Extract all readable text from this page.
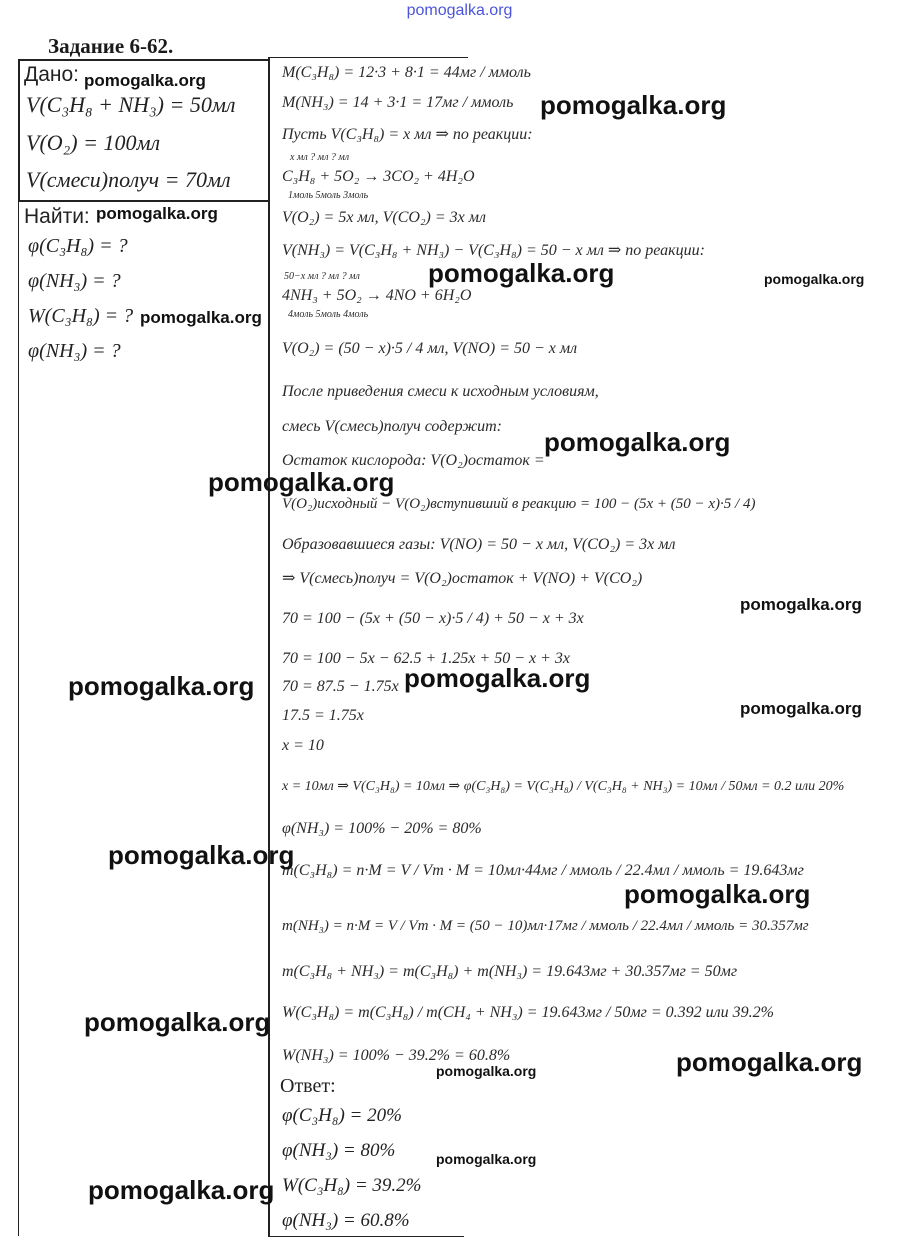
pomogalka.org
Задание 6-62.
Дано:
V(C₃H₈ + NH₃) = 50мл
V(O₂) = 100мл
V(смеси)получ = 70мл
Найти:
φ(C₃H₈) = ?
φ(NH₃) = ?
W(C₃H₈) = ?
φ(NH₃) = ?
M(C₃H₈) = 12·3 + 8·1 = 44мг / ммоль
M(NH₃) = 14 + 3·1 = 17мг / ммоль
Пусть V(C₃H₈) = x мл ⇒ по реакции:
x мл ? мл ? мл
C₃H₈ + 5O₂ → 3CO₂ + 4H₂O
1моль 5моль 3моль
V(O₂) = 5x мл, V(CO₂) = 3x мл
V(NH₃) = V(C₃H₈ + NH₃) − V(C₃H₈) = 50 − x мл ⇒ по реакции:
50−x мл ? мл ? мл
4NH₃ + 5O₂ → 4NO + 6H₂O
4моль 5моль 4моль
V(O₂) = (50 − x)·5 / 4 мл, V(NO) = 50 − x мл
После приведения смеси к исходным условиям,
смесь V(смесь)получ содержит:
Остаток кислорода: V(O₂)остаток =
V(O₂)исходный − V(O₂)вступивший в реакцию = 100 − (5x + (50 − x)·5 / 4)
Образовавшиеся газы: V(NO) = 50 − x мл, V(CO₂) = 3x мл
⇒ V(смесь)получ = V(O₂)остаток + V(NO) + V(CO₂)
70 = 100 − (5x + (50 − x)·5 / 4) + 50 − x + 3x
70 = 100 − 5x − 62.5 + 1.25x + 50 − x + 3x
70 = 87.5 − 1.75x
17.5 = 1.75x
x = 10
x = 10мл ⇒ V(C₃H₈) = 10мл ⇒ φ(C₃H₈) = V(C₃H₈) / V(C₃H₈ + NH₃) = 10мл / 50мл = 0.2 или 20%
φ(NH₃) = 100% − 20% = 80%
m(C₃H₈) = n·M = V / Vm · M = 10мл·44мг / ммоль / 22.4мл / ммоль = 19.643мг
m(NH₃) = n·M = V / Vm · M = (50 − 10)мл·17мг / ммоль / 22.4мл / ммоль = 30.357мг
m(C₃H₈ + NH₃) = m(C₃H₈) + m(NH₃) = 19.643мг + 30.357мг = 50мг
W(C₃H₈) = m(C₃H₈) / m(CH₄ + NH₃) = 19.643мг / 50мг = 0.392 или 39.2%
W(NH₃) = 100% − 39.2% = 60.8%
Ответ:
φ(C₃H₈) = 20%
φ(NH₃) = 80%
W(C₃H₈) = 39.2%
φ(NH₃) = 60.8%
pomogalka.org
pomogalka.org
pomogalka.org
pomogalka.org	pomogalka.org
pomogalka.org
pomogalka.org
pomogalka.org
pomogalka.org
pomogalka.org	pomogalka.org
pomogalka.org
pomogalka.org
pomogalka.org
pomogalka.org
pomogalka.org
pomogalka.org
pomogalka.org
pomogalka.org
